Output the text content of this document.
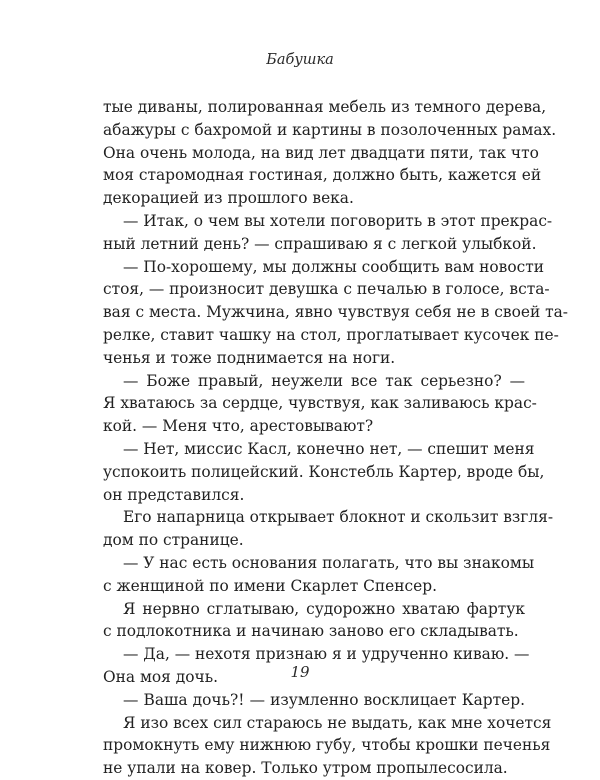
Бабушка
тые диваны, полированная мебель из темного дерева,
абажуры с бахромой и картины в позолоченных рамах.
Она очень молода, на вид лет двадцати пяти, так что
моя старомодная гостиная, должно быть, кажется ей
декорацией из прошлого века.
— Итак, о чем вы хотели поговорить в этот прекрас-
ный летний день? — спрашиваю я с легкой улыбкой.
— По-хорошему, мы должны сообщить вам новости
стоя, — произносит девушка с печалью в голосе, вста-
вая с места. Мужчина, явно чувствуя себя не в своей та-
релке, ставит чашку на стол, проглатывает кусочек пе-
ченья и тоже поднимается на ноги.
— Боже правый, неужели все так серьезно? —
Я хватаюсь за сердце, чувствуя, как заливаюсь крас-
кой. — Меня что, арестовывают?
— Нет, миссис Касл, конечно нет, — спешит меня
успокоить полицейский. Констебль Картер, вроде бы,
он представился.
Его напарница открывает блокнот и скользит взгля-
дом по странице.
— У нас есть основания полагать, что вы знакомы
с женщиной по имени Скарлет Спенсер.
Я нервно сглатываю, судорожно хватаю фартук
с подлокотника и начинаю заново его складывать.
— Да, — нехотя признаю я и удрученно киваю. —
Она моя дочь.
— Ваша дочь?! — изумленно восклицает Картер.
Я изо всех сил стараюсь не выдать, как мне хочется
промокнуть ему нижнюю губу, чтобы крошки печенья
не упали на ковер. Только утром пропылесосила.
19
